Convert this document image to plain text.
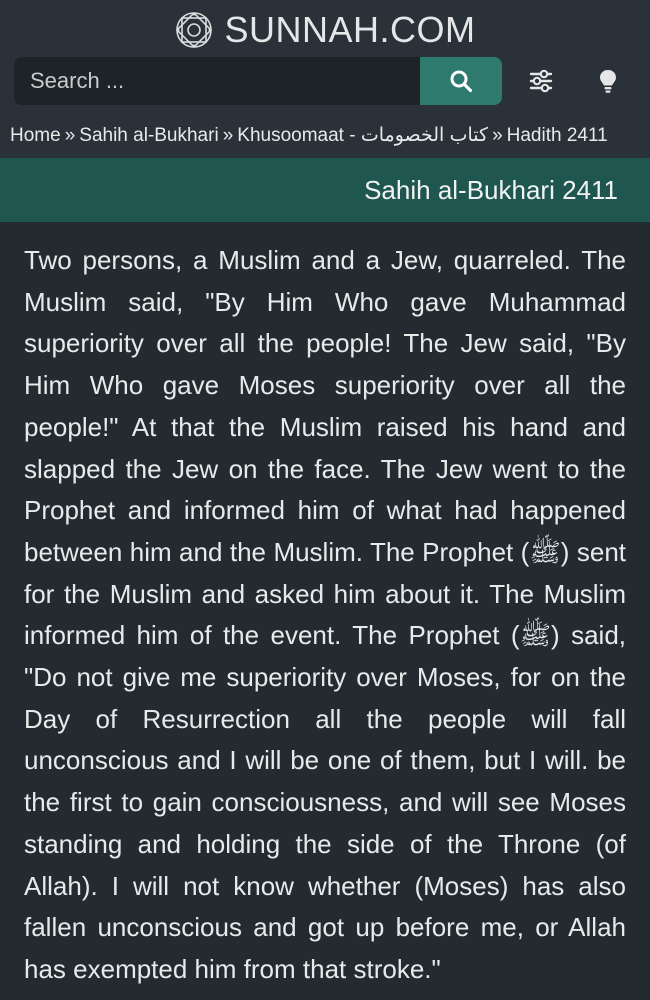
SUNNAH.COM
Search ...
Home » Sahih al-Bukhari » Khusoomaat - كتاب الخصومات » Hadith 2411
Sahih al-Bukhari 2411

Two persons, a Muslim and a Jew, quarreled. The Muslim said, "By Him Who gave Muhammad superiority over all the people! The Jew said, "By Him Who gave Moses superiority over all the people!" At that the Muslim raised his hand and slapped the Jew on the face. The Jew went to the Prophet and informed him of what had happened between him and the Muslim. The Prophet (ﷺ) sent for the Muslim and asked him about it. The Muslim informed him of the event. The Prophet (ﷺ) said, "Do not give me superiority over Moses, for on the Day of Resurrection all the people will fall unconscious and I will be one of them, but I will. be the first to gain consciousness, and will see Moses standing and holding the side of the Throne (of Allah). I will not know whether (Moses) has also fallen unconscious and got up before me, or Allah has exempted him from that stroke."
